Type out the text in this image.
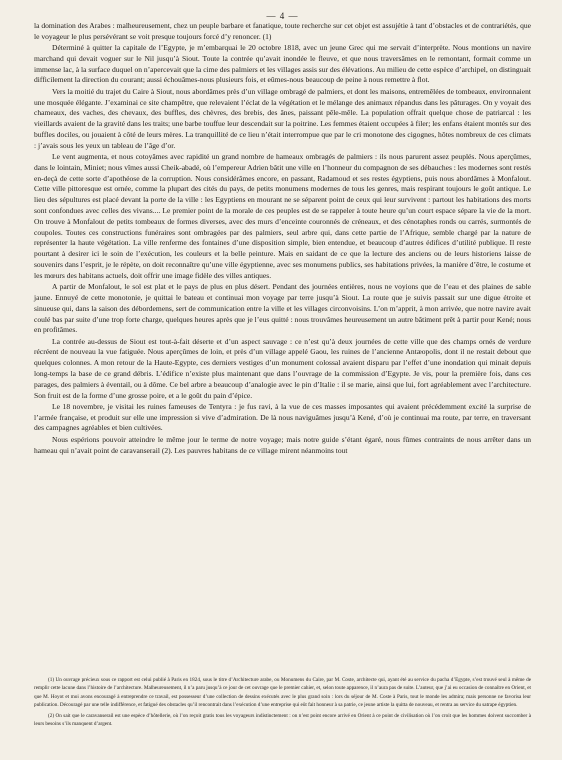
— 4 —

la domination des Arabes : malheureusement, chez un peuple barbare et fanatique, toute recherche sur cet objet est assujétie à tant d’obstacles et de contrariétés, que le voyageur le plus persévérant se voit presque toujours forcé d’y renoncer. (1)

Déterminé à quitter la capitale de l’Egypte, je m’embarquai le 20 octobre 1818, avec un jeune Grec qui me servait d’interprète. Nous montions un navire marchand qui devait voguer sur le Nil jusqu’à Siout. Toute la contrée qu’avait inondée le fleuve, et que nous traversâmes en le remontant, formait comme un immense lac, à la surface duquel on n’apercevait que la cime des palmiers et les villages assis sur des élévations. Au milieu de cette espèce d’archipel, on distinguait difficilement la direction du courant; aussi échouâmes-nous plusieurs fois, et eûmes-nous beaucoup de peine à nous remettre à flot.

Vers la moitié du trajet du Caire à Siout, nous abordâmes près d’un village ombragé de palmiers, et dont les maisons, entremêlées de tombeaux, environnaient une mosquée élégante. J’examinai ce site champêtre, que relevaient l’éclat de la végétation et le mélange des animaux répandus dans les pâturages. On y voyait des chameaux, des vaches, des chevaux, des buffles, des chèvres, des brebis, des ânes, paissant pêle-mêle. La population offrait quelque chose de patriarcal : les vieillards avaient de la gravité dans les traits; une barbe touffue leur descendait sur la poitrine. Les femmes étaient occupées à filer; les enfans étaient montés sur des buffles dociles, ou jouaient à côté de leurs mères. La tranquillité de ce lieu n’était interrompue que par le cri monotone des cigognes, hôtes nombreux de ces climats : j’avais sous les yeux un tableau de l’âge d’or.

Le vent augmenta, et nous cotoyâmes avec rapidité un grand nombre de hameaux ombragés de palmiers : ils nous parurent assez peuplés. Nous aperçûmes, dans le lointain, Miniet; nous vîmes aussi Cheik-abadé, où l’empereur Adrien bâtit une ville en l’honneur du compagnon de ses débauches : les modernes sont restés en-deçà de cette sorte d’apothéose de la corruption. Nous considérâmes encore, en passant, Radamoud et ses restes égyptiens, puis nous abordâmes à Monfalout. Cette ville pittoresque est ornée, comme la plupart des cités du pays, de petits monumens modernes de tous les genres, mais respirant toujours le goût antique. Le lieu des sépultures est placé devant la porte de la ville : les Egyptiens en mourant ne se séparent point de ceux qui leur survivent : partout les habitations des morts sont confondues avec celles des vivans.... Le premier point de la morale de ces peuples est de se rappeler à toute heure qu’un court espace sépare la vie de la mort. On trouve à Monfalout de petits tombeaux de formes diverses, avec des murs d’enceinte couronnés de créneaux, et des cénotaphes ronds ou carrés, surmontés de coupoles. Toutes ces constructions funéraires sont ombragées par des palmiers, seul arbre qui, dans cette partie de l’Afrique, semble chargé par la nature de représenter la haute végétation. La ville renferme des fontaines d’une disposition simple, bien entendue, et beaucoup d’autres édifices d’utilité publique. Il reste pourtant à desirer ici le soin de l’exécution, les couleurs et la belle peinture. Mais en saidant de ce que la lecture des anciens ou de leurs historiens laisse de souvenirs dans l’esprit, je le répète, on doit reconnaître qu’une ville égyptienne, avec ses monumens publics, ses habitations privées, la manière d’être, le costume et les mœurs des habitans actuels, doit offrir une image fidèle des villes antiques.

A partir de Monfalout, le sol est plat et le pays de plus en plus désert. Pendant des journées entières, nous ne voyions que de l’eau et des plaines de sable jaune. Ennuyé de cette monotonie, je quittai le bateau et continuai mon voyage par terre jusqu’à Siout. La route que je suivis passait sur une digue étroite et sinueuse qui, dans la saison des débordemens, sert de communication entre la ville et les villages circonvoisins. L’on m’apprit, à mon arrivée, que notre navire avait coulé bas par suite d’une trop forte charge, quelques heures après que je l’eus quitté : nous trouvâmes heureusement un autre bâtiment prêt à partir pour Kené; nous en profitâmes.

La contrée au-dessus de Siout est tout-à-fait déserte et d’un aspect sauvage : ce n’est qu’à deux journées de cette ville que des champs ornés de verdure récréent de nouveau la vue fatiguée. Nous aperçûmes de loin, et près d’un village appelé Gaou, les ruines de l’ancienne Antæopolis, dont il ne restait debout que quelques colonnes. A mon retour de la Haute-Egypte, ces derniers vestiges d’un monument colossal avaient disparu par l’effet d’une inondation qui minait depuis long-temps la base de ce grand débris. L’édifice n’existe plus maintenant que dans l’ouvrage de la commission d’Egypte. Je vis, pour la première fois, dans ces parages, des palmiers à éventail, ou à dôme. Ce bel arbre a beaucoup d’analogie avec le pin d’Italie : il se marie, ainsi que lui, fort agréablement avec l’architecture. Son fruit est de la forme d’une grosse poire, et a le goût du pain d’épice.

Le 18 novembre, je visitai les ruines fameuses de Tentyra : je fus ravi, à la vue de ces masses imposantes qui avaient précédemment excité la surprise de l’armée française, et produit sur elle une impression si vive d’admiration. De là nous naviguâmes jusqu’à Kené, d’où je continuai ma route, par terre, en traversant des campagnes agréables et bien cultivées.

Nous espérions pouvoir atteindre le même jour le terme de notre voyage; mais notre guide s’étant égaré, nous fûmes contraints de nous arrêter dans un hameau qui n’avait point de caravanserail (2). Les pauvres habitans de ce village mirent néanmoins tout

(1) Un ouvrage précieux sous ce rapport est celui publié à Paris en 1824, sous le titre d’Architecture arabe, ou Monumens du Caire, par M. Coste, architecte qui, ayant été au service du pacha d’Egypte, s’est trouvé seul à même de remplir cette lacune dans l’histoire de l’architecture. Malheureusement, il n’a paru jusqu’à ce jour de cet ouvrage que le premier cahier, et, selon toute apparence, il n’aura pas de suite. L’auteur, que j’ai eu occasion de connaître en Orient, et que M. Hoyot et moi avons encouragé à entreprendre ce travail, est possesseur d’une collection de dessins exécutés avec le plus grand soin : lors du séjour de M. Coste à Paris, tout le monde les admira; mais personne ne favorisa leur publication. Découragé par une telle indifférence, et fatigué des obstacles qu’il rencontrait dans l’exécution d’une entreprise qui eût fait honneur à sa patrie, ce jeune artiste la quitta de nouveau, et rentra au service du satrape égyptien.

(2) On sait que le caravanserail est une espèce d’hôtellerie, où l’on reçoit gratis tous les voyageurs indistinctement : on n’est point encore arrivé en Orient à ce point de civilisation où l’on croit que les hommes doivent succomber à leurs besoins s’ils manquent d’argent.
